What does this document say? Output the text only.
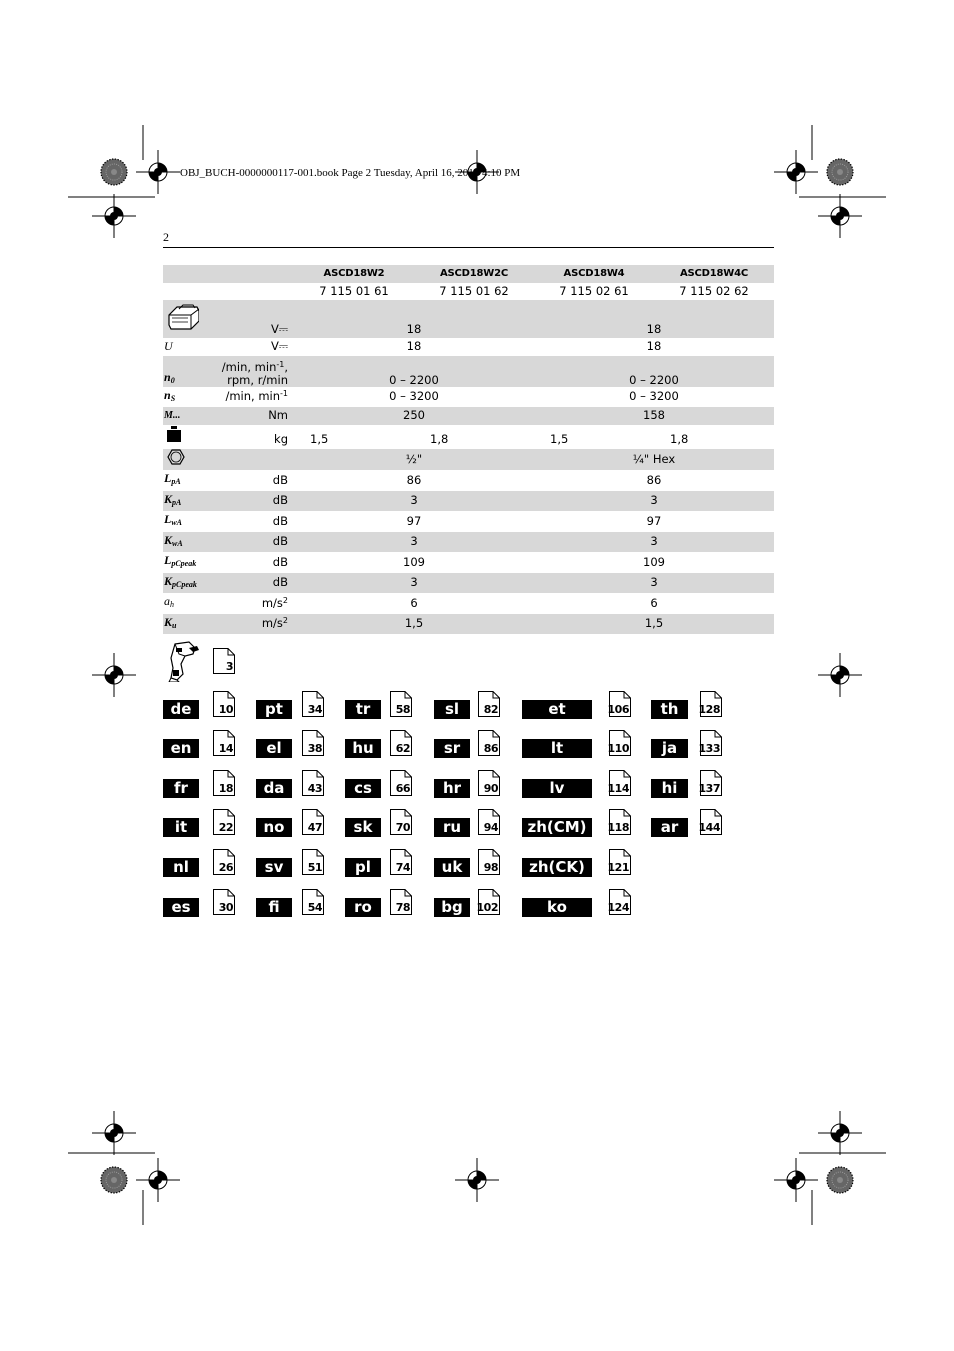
OBJ_BUCH-0000000117-001.book Page 2 Tuesday, April 16, 2013 4:10 PM
2
		ASCD18W2	ASCD18W2C	ASCD18W4	ASCD18W4C
		7 115 01 61	7 115 01 62	7 115 02 61	7 115 02 62
	V⎓	18		18	
U	V⎓	18		18	
$n_0$	/min, $\min^{-1}$,
rpm, r/min	0 – 2200		0 – 2200	
$n_S$	/min, $\min^{-1}$	0 – 3200		0 – 3200	
M...	Nm	250		158	
	kg	1,5	1,8	1,5	1,8
		½"		¼" Hex	
$L_{pA}$	dB	86		86	
$K_{pA}$	dB	3		3	
$L_{wA}$	dB	97		97	
$K_{wA}$	dB	3		3	
$L_{pCpeak}$	dB	109		109	
$K_{pCpeak}$	dB	3		3	
$a_h$	$m/s^2$	6		6	
$K_u$	$m/s^2$	1,5		1,5	
3
de	10
en	14
fr	18
it	22
nl	26
es	30
pt	34
el	38
da	43
no	47
sv	51
fi	54
tr	58
hu	62
cs	66
sk	70
pl	74
ro	78
sl	82
sr	86
hr	90
ru	94
uk	98
bg	102
et	106
lt	110
lv	114
zh(CM)	118
zh(CK)	121
ko	124
th	128
ja	133
hi	137
ar	144
